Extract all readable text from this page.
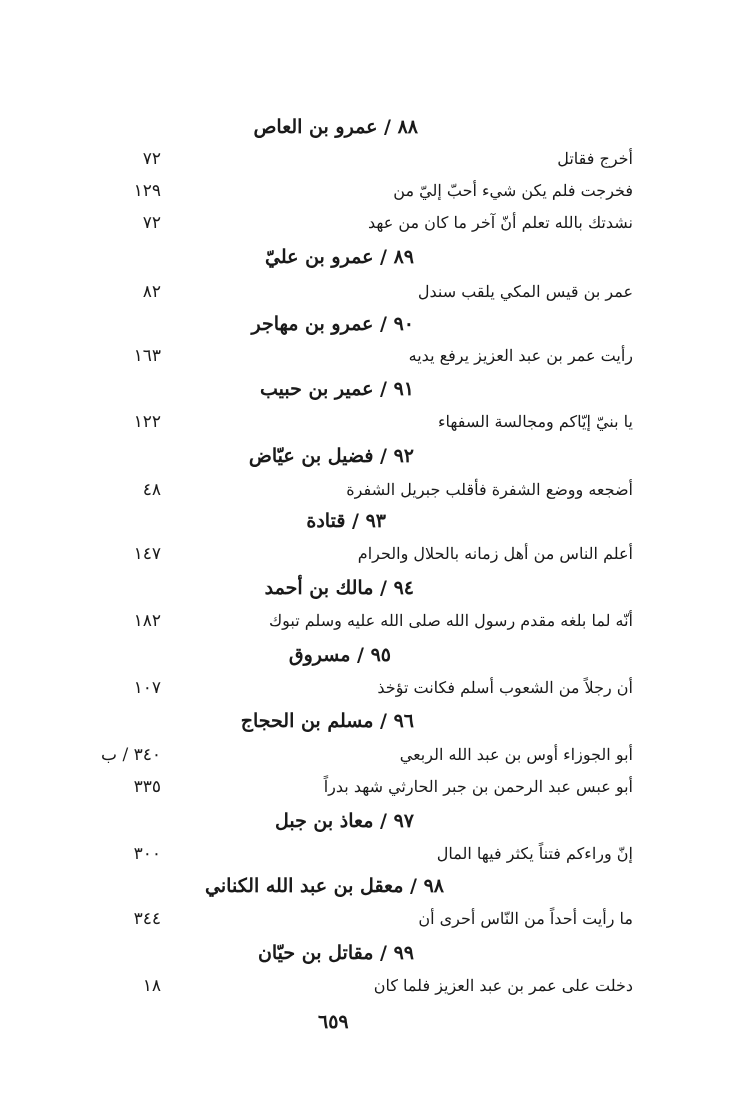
٨٨ / عمرو بن العاص
أخرج فقاتل
٧٢
فخرجت فلم يكن شيء أحبّ إليّ من
١٢٩
نشدتك بالله تعلم أنّ آخر ما كان من عهد
٧٢
٨٩ / عمرو بن عليّ
عمر بن قيس المكي يلقب سندل
٨٢
٩٠ / عمرو بن مهاجر
رأيت عمر بن عبد العزيز يرفع يديه
١٦٣
٩١ / عمير بن حبيب
يا بنيّ إيّاكم ومجالسة السفهاء
١٢٢
٩٢ / فضيل بن عيّاض
أضجعه ووضع الشفرة فأقلب جبريل الشفرة
٤٨
٩٣ / قتادة
أعلم الناس من أهل زمانه بالحلال والحرام
١٤٧
٩٤ / مالك بن أحمد
أنّه لما بلغه مقدم رسول الله صلى الله عليه وسلم تبوك
١٨٢
٩٥ / مسروق
أن رجلاً من الشعوب أسلم فكانت تؤخذ
١٠٧
٩٦ / مسلم بن الحجاج
أبو الجوزاء أوس بن عبد الله الربعي
٣٤٠ / ب
أبو عبس عبد الرحمن بن جبر الحارثي شهد بدراً
٣٣٥
٩٧ / معاذ بن جبل
إنّ وراءكم فتناً يكثر فيها المال
٣٠٠
٩٨ / معقل بن عبد الله الكناني
ما رأيت أحداً من النّاس أحرى أن
٣٤٤
٩٩ / مقاتل بن حيّان
دخلت على عمر بن عبد العزيز فلما كان
١٨
٦٥٩
